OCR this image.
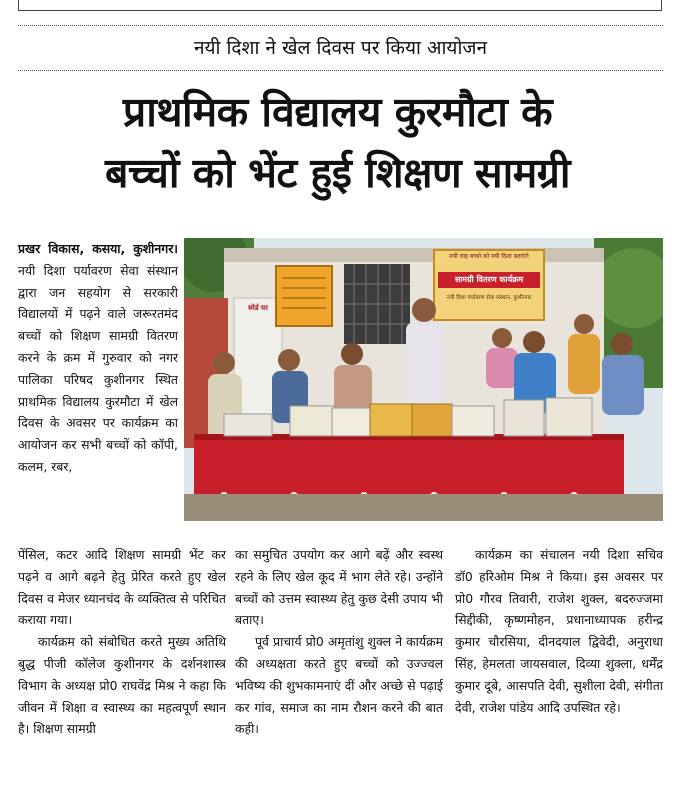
नयी दिशा ने खेल दिवस पर किया आयोजन
प्राथमिक विद्यालय कुरमौटा के
बच्चों को भेंट हुई शिक्षण सामग्री
नयी चाह बच्चो को नयी दिशा बताएंगे
सामग्री वितरण कार्यक्रम
नयी दिशा पर्यावरण सेवा संस्थान, कुशीनगर
स्मेर्ड घर

प्रखर विकास, कसया, कुशीनगर। नयी दिशा पर्यावरण सेवा संस्थान द्वारा जन सहयोग से सरकारी विद्यालयों में पढ़ने वाले जरूरतमंद बच्चों को शिक्षण सामग्री वितरण करने के क्रम में गुरुवार को नगर पालिका परिषद कुशीनगर स्थित प्राथमिक विद्यालय कुरमौटा में खेल दिवस के अवसर पर कार्यक्रम का आयोजन कर सभी बच्चों को कॉपी, कलम, रबर,

पेंसिल, कटर आदि शिक्षण सामग्री भेंट कर पढ़ने व आगे बढ़ने हेतु प्रेरित करते हुए खेल दिवस व मेजर ध्यानचंद के व्यक्तित्व से परिचित कराया गया।

कार्यक्रम को संबोधित करते मुख्य अतिथि बुद्ध पीजी कॉलेज कुशीनगर के दर्शनशास्त्र विभाग के अध्यक्ष प्रो0 राघवेंद्र मिश्र ने कहा कि जीवन में शिक्षा व स्वास्थ्य का महत्वपूर्ण स्थान है। शिक्षण सामग्री

का समुचित उपयोग कर आगे बढ़ें और स्वस्थ रहने के लिए खेल कूद में भाग लेते रहे। उन्होंने बच्चों को उत्तम स्वास्थ्य हेतु कुछ देसी उपाय भी बताए।

पूर्व प्राचार्य प्रो0 अमृतांशु शुक्ल ने कार्यक्रम की अध्यक्षता करते हुए बच्चों को उज्ज्वल भविष्य की शुभकामनाएं दीं और अच्छे से पढ़ाई कर गांव, समाज का नाम रौशन करने की बात कही।

कार्यक्रम का संचालन नयी दिशा सचिव डॉ0 हरिओम मिश्र ने किया। इस अवसर पर प्रो0 गौरव तिवारी, राजेश शुक्ल, बदरुज्जमा सिद्दीकी, कृष्णमोहन, प्रधानाध्यापक हरीन्द्र कुमार चौरसिया, दीनदयाल द्विवेदी, अनुराधा सिंह, हेमलता जायसवाल, दिव्या शुक्ला, धर्मेंद्र कुमार दूबे, आसपति देवी, सुशीला देवी, संगीता देवी, राजेश पांडेय आदि उपस्थित रहे।
